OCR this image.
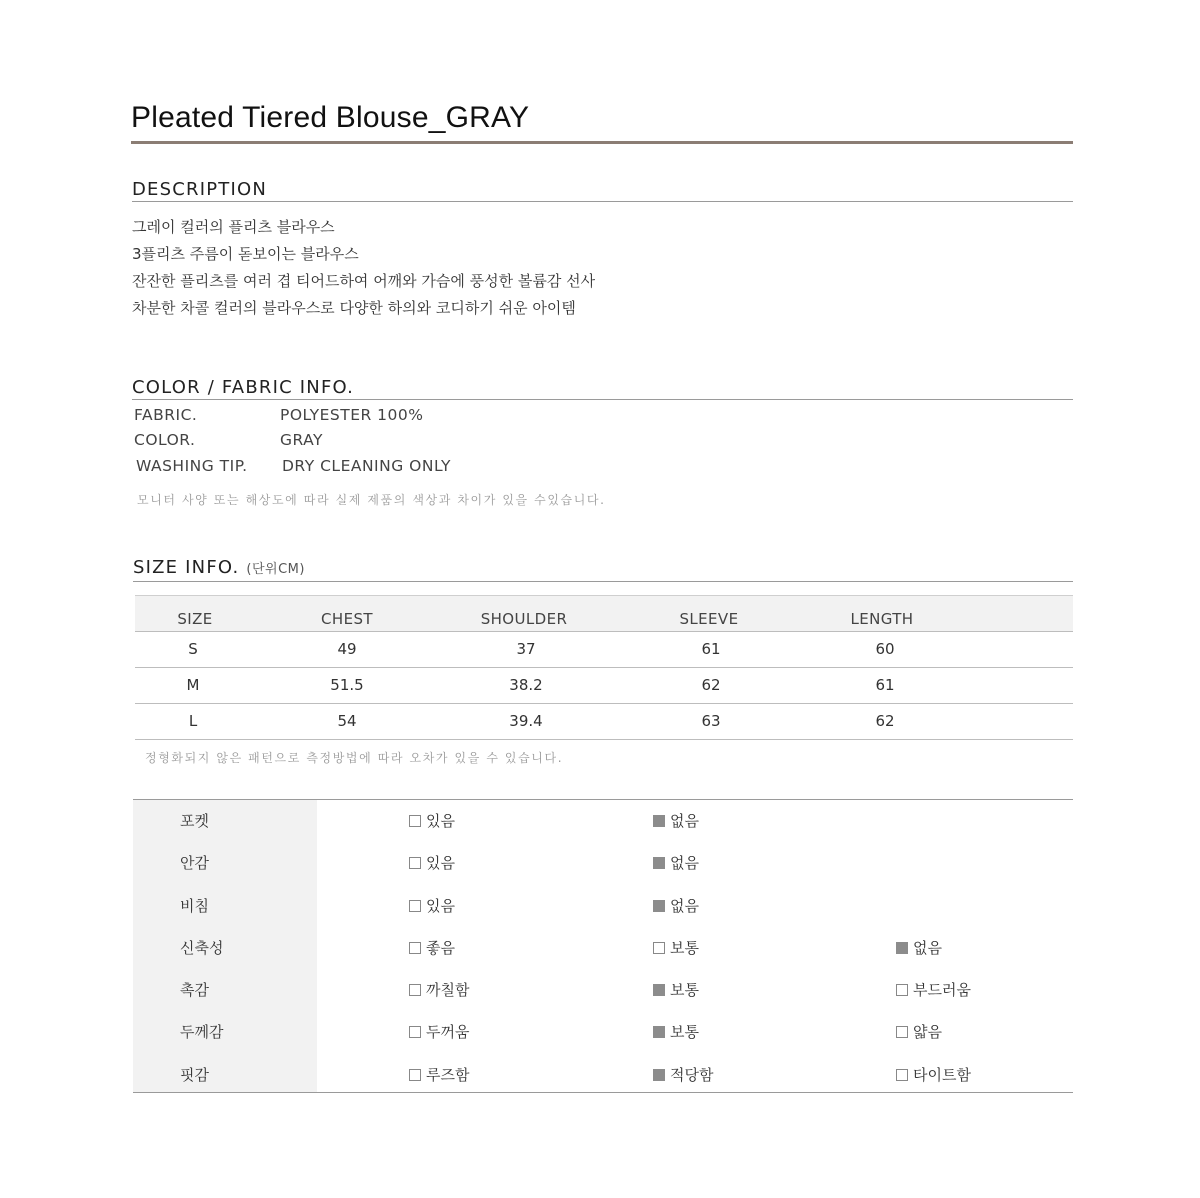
Pleated Tiered Blouse_GRAY
DESCRIPTION
그레이 컬러의 플리츠 블라우스
3플리츠 주름이 돋보이는 블라우스
잔잔한 플리츠를 여러 겹 티어드하여 어깨와 가슴에 풍성한 볼륨감 선사
차분한 차콜 컬러의 블라우스로 다양한 하의와 코디하기 쉬운 아이템
COLOR / FABRIC INFO.
FABRIC.	POLYESTER 100%
COLOR.	GRAY
WASHING TIP. DRY CLEANING ONLY
모니터 사양 또는 해상도에 따라 실제 제품의 색상과 차이가 있을 수있습니다.
SIZE INFO. (단위CM)
SIZE	CHEST	SHOULDER	SLEEVE	LENGTH
S	49	37	61	60
M	51.5	38.2	62	61
L	54	39.4	63	62
정형화되지 않은 패턴으로 측정방법에 따라 오차가 있을 수 있습니다.
포켓	있음	없음
안감	있음	없음
비침	있음	없음
신축성	좋음	보통	없음
촉감	까칠함	보통	부드러움
두께감	두꺼움	보통	얇음
핏감	루즈함	적당함	타이트함
